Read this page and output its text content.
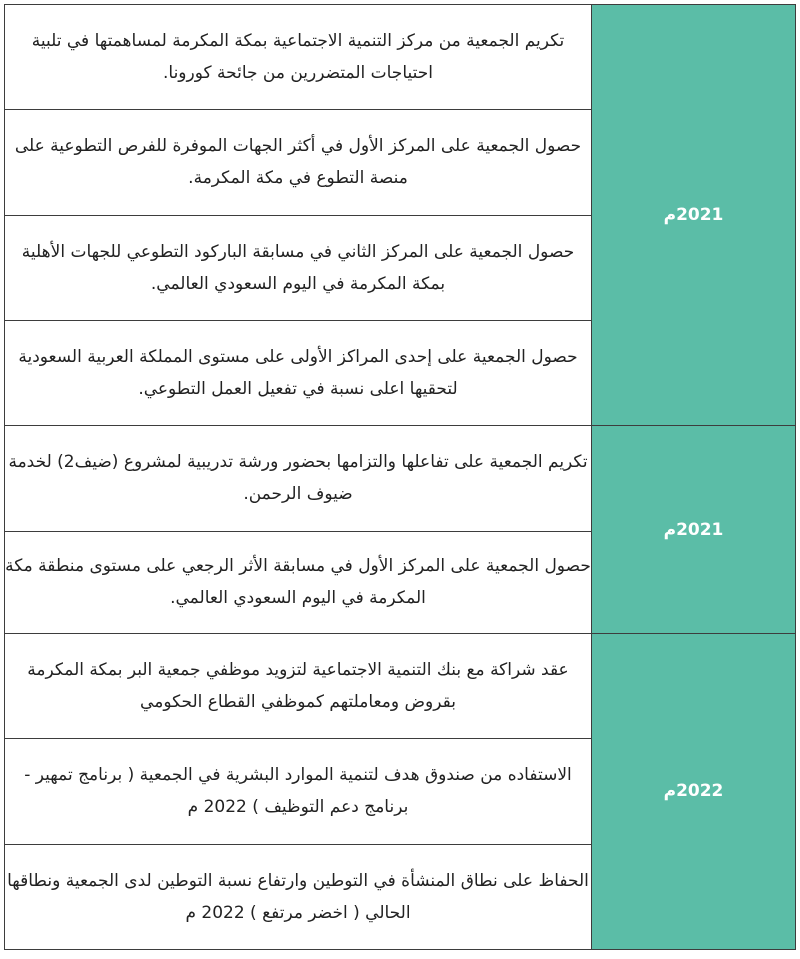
2021م	تكريم الجمعية من مركز التنمية الاجتماعية بمكة المكرمة لمساهمتها في تلبية احتياجات المتضررين من جائحة كورونا.
	حصول الجمعية على المركز الأول في أكثر الجهات الموفرة للفرص التطوعية على منصة التطوع في مكة المكرمة.
	حصول الجمعية على المركز الثاني في مسابقة الباركود التطوعي للجهات الأهلية بمكة المكرمة في اليوم السعودي العالمي.
	حصول الجمعية على إحدى المراكز الأولى على مستوى المملكة العربية السعودية لتحقيها اعلى نسبة في تفعيل العمل التطوعي.
2021م	تكريم الجمعية على تفاعلها والتزامها بحضور ورشة تدريبية لمشروع (ضيف2) لخدمة ضيوف الرحمن.
	حصول الجمعية على المركز الأول في مسابقة الأثر الرجعي على مستوى منطقة مكة المكرمة في اليوم السعودي العالمي.
2022م	عقد شراكة مع بنك التنمية الاجتماعية لتزويد موظفي جمعية البر بمكة المكرمة بقروض ومعاملتهم كموظفي القطاع الحكومي
	الاستفاده من صندوق هدف لتنمية الموارد البشرية في الجمعية ( برنامج تمهير - برنامج دعم التوظيف ) 2022 م
	الحفاظ على نطاق المنشأة في التوطين وارتفاع نسبة التوطين لدى الجمعية ونطاقها الحالي ( اخضر مرتفع ) 2022 م
